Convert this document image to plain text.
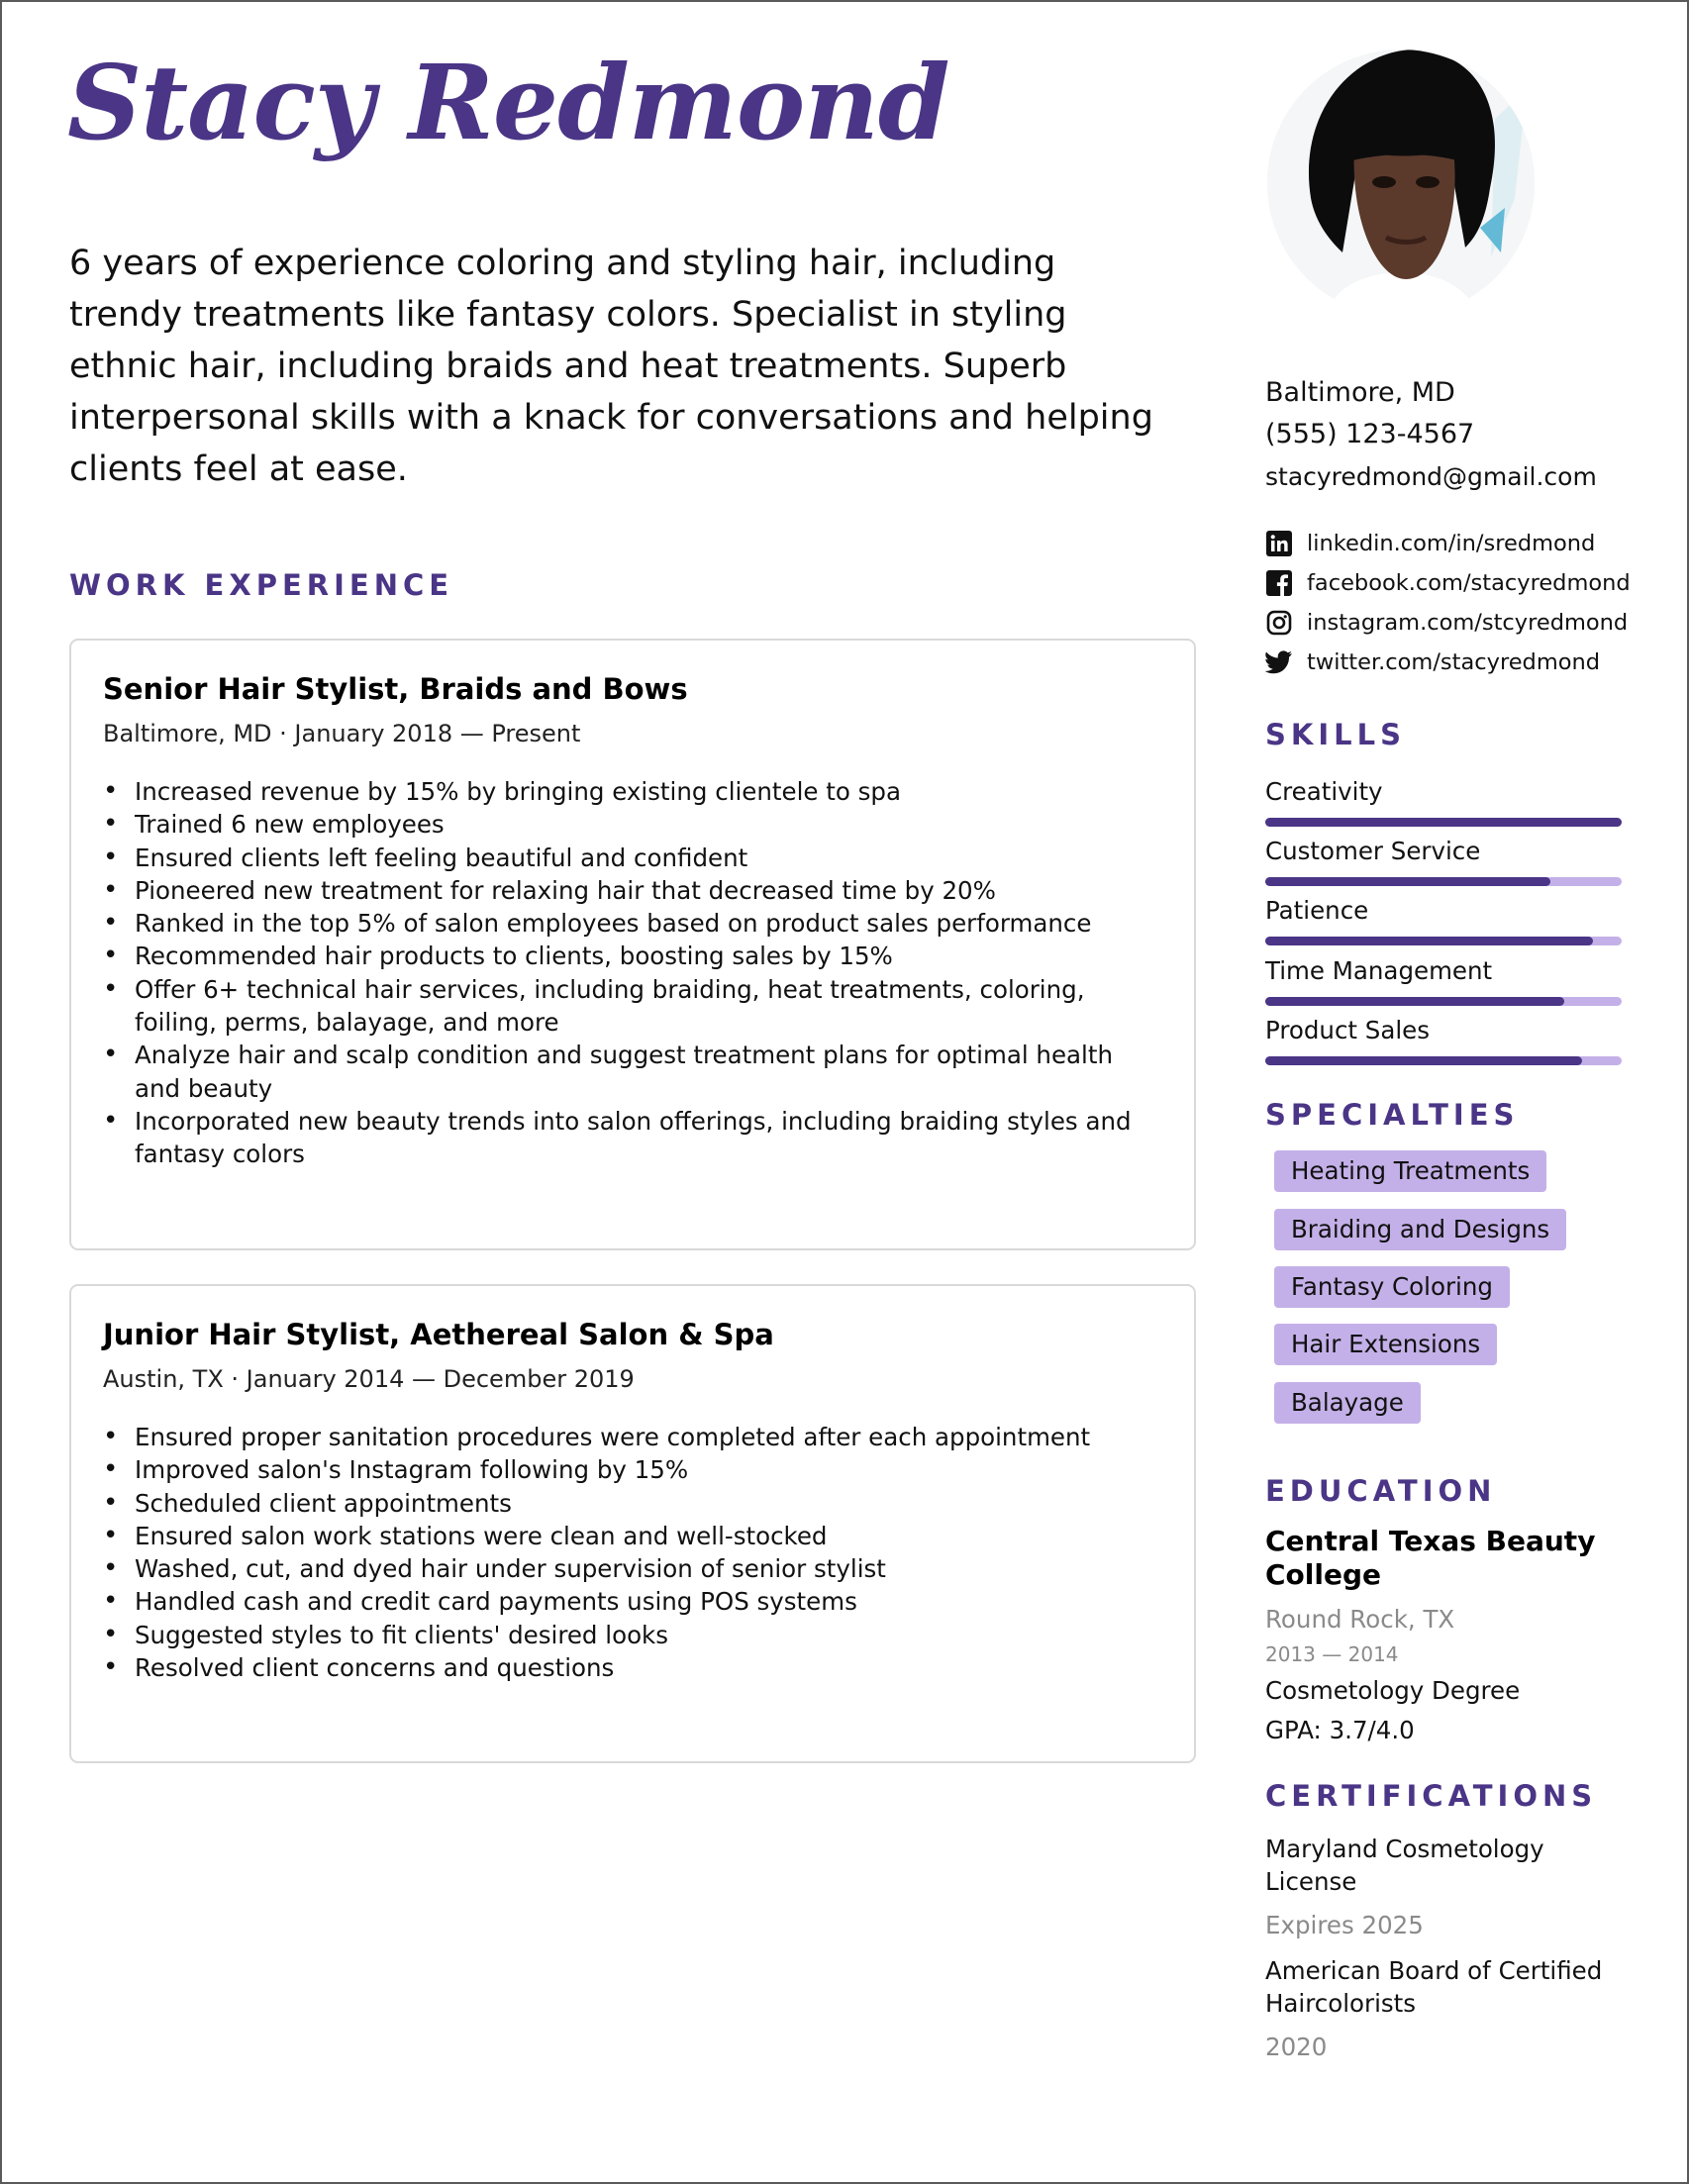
Stacy Redmond
6 years of experience coloring and styling hair, including trendy treatments like fantasy colors. Specialist in styling ethnic hair, including braids and heat treatments. Superb interpersonal skills with a knack for conversations and helping clients feel at ease.
WORK EXPERIENCE
Senior Hair Stylist, Braids and Bows
Baltimore, MD · January 2018 — Present
• Increased revenue by 15% by bringing existing clientele to spa
• Trained 6 new employees
• Ensured clients left feeling beautiful and confident
• Pioneered new treatment for relaxing hair that decreased time by 20%
• Ranked in the top 5% of salon employees based on product sales performance
• Recommended hair products to clients, boosting sales by 15%
• Offer 6+ technical hair services, including braiding, heat treatments, coloring, foiling, perms, balayage, and more
• Analyze hair and scalp condition and suggest treatment plans for optimal health and beauty
• Incorporated new beauty trends into salon offerings, including braiding styles and fantasy colors
Junior Hair Stylist, Aethereal Salon & Spa
Austin, TX · January 2014 — December 2019
• Ensured proper sanitation procedures were completed after each appointment
• Improved salon's Instagram following by 15%
• Scheduled client appointments
• Ensured salon work stations were clean and well-stocked
• Washed, cut, and dyed hair under supervision of senior stylist
• Handled cash and credit card payments using POS systems
• Suggested styles to fit clients' desired looks
• Resolved client concerns and questions
Baltimore, MD
(555) 123-4567
stacyredmond@gmail.com
linkedin.com/in/sredmond
facebook.com/stacyredmond
instagram.com/stcyredmond
twitter.com/stacyredmond
SKILLS
Creativity
Customer Service
Patience
Time Management
Product Sales
SPECIALTIES
Heating Treatments
Braiding and Designs
Fantasy Coloring
Hair Extensions
Balayage
EDUCATION
Central Texas Beauty College
Round Rock, TX
2013 — 2014
Cosmetology Degree
GPA: 3.7/4.0
CERTIFICATIONS
Maryland Cosmetology License
Expires 2025
American Board of Certified Haircolorists
2020
